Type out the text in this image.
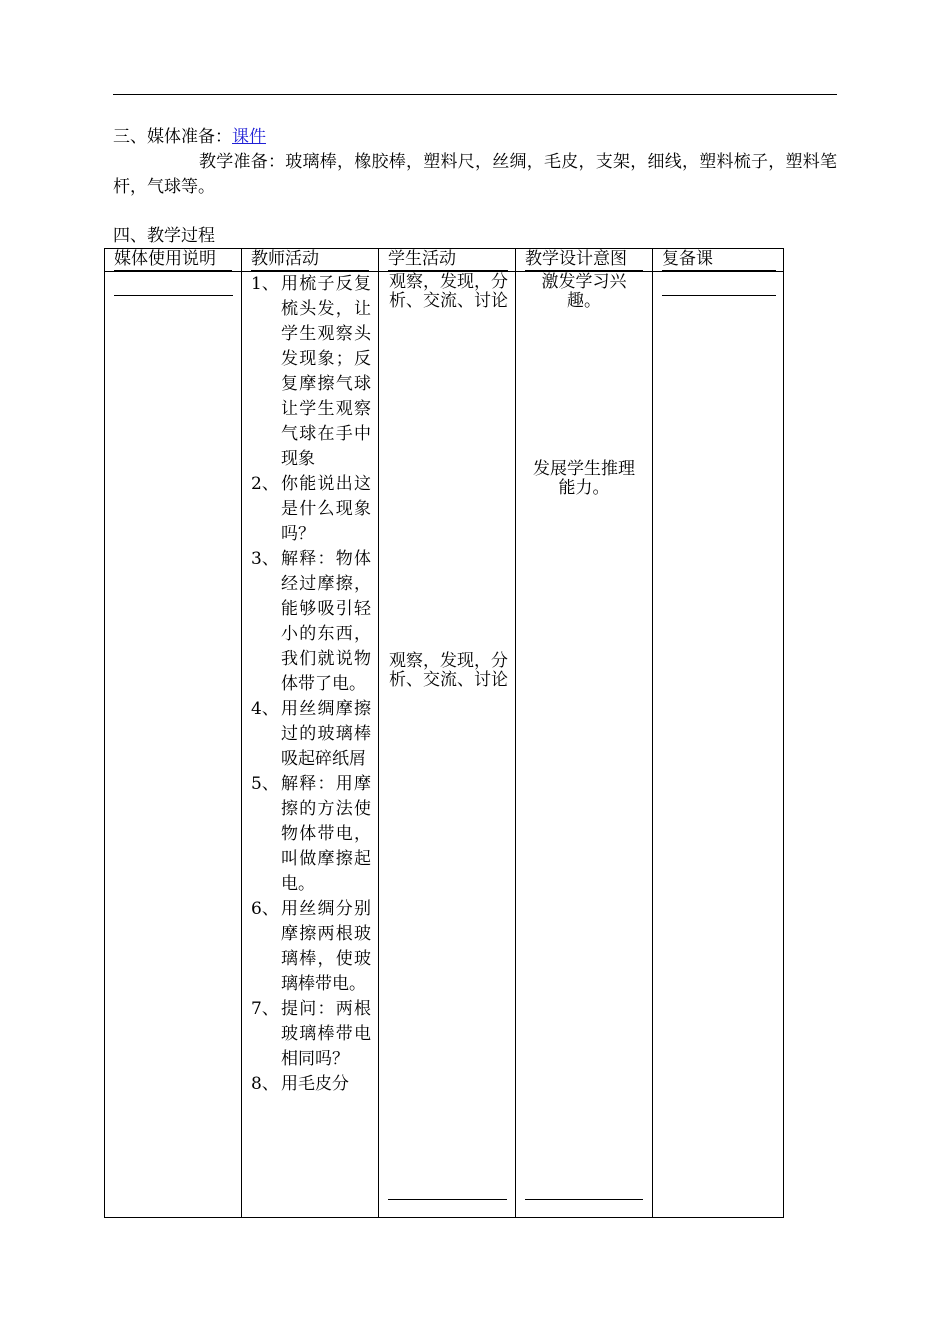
三、媒体准备：课件
教学准备：玻璃棒，橡胶棒，塑料尺，丝绸，毛皮，支架，细线，塑料梳子，塑料笔杆，气球等。
四、教学过程
媒体使用说明 教师活动	学生活动	教学设计意图 复备课
1、 用梳子反复梳头发，让学生观察头发现象；反复摩擦气球让学生观察气球在手中现象
2、 你能说出这是什么现象吗？
3、 解释：物体经过摩擦，能够吸引轻小的东西，我们就说物体带了电。
4、 用丝绸摩擦过的玻璃棒吸起碎纸屑
5、 解释：用摩擦的方法使物体带电，叫做摩擦起电。
6、 用丝绸分别摩擦两根玻璃棒，使玻璃棒带电。
7、 提问：两根玻璃棒带电相同吗？
8、 用毛皮分
观察，发现，分析、交流、讨论
观察，发现，分析、交流、讨论
激发学习兴趣。
发展学生推理能力。
